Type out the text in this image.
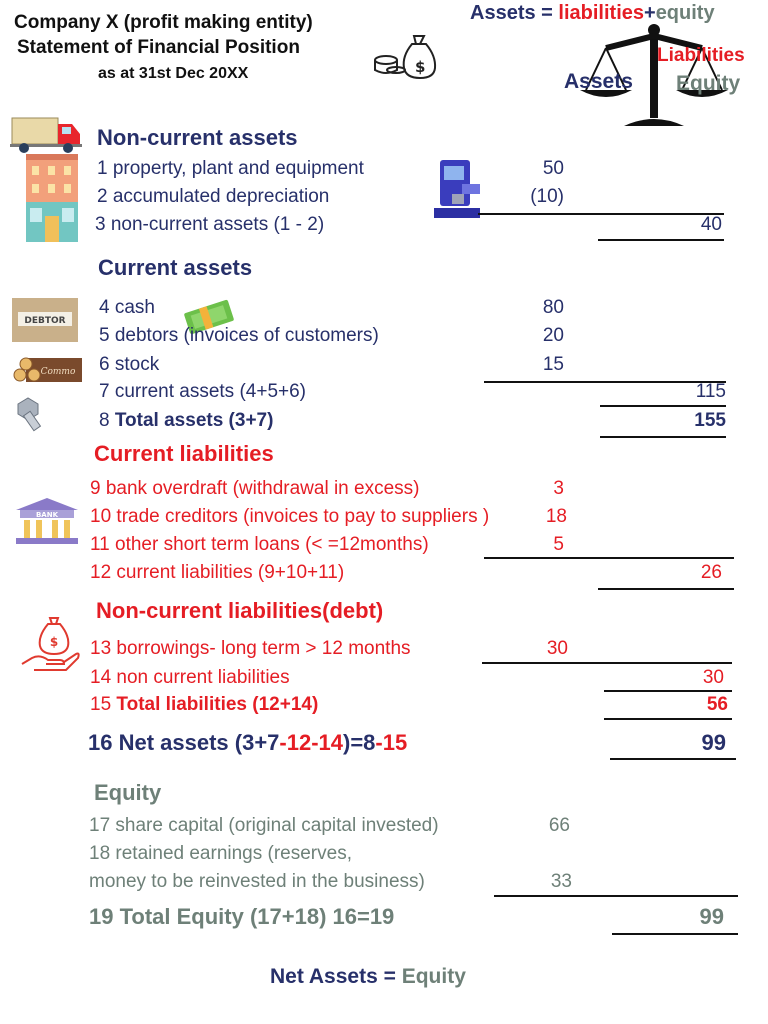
Company X (profit making entity)
Statement of Financial Position
as at 31st Dec 20XX	$
Assets = liabilities+equity
Liabilities
Assets Equity
Non-current assets
1 property, plant and equipment	50
2 accumulated depreciation	(10)
3 non-current assets (1 - 2)	40
Current assets
DEBTOR
Commo
4 cash	80
5 debtors (invoices of customers)	20
6 stock	15
7 current assets (4+5+6)	115
8 Total assets (3+7)	155
Current liabilities
BANK
9 bank overdraft (withdrawal in excess)	3
10 trade creditors (invoices to pay to suppliers )	18
11 other short term loans (< =12months)	5
12 current liabilities (9+10+11)	26
Non-current liabilities(debt)
$ 13 borrowings- long term > 12 months	30
14 non current liabilities	30
15 Total liabilities (12+14)	56
16 Net assets (3+7-12-14)=8-15	99
Equity
17 share capital (original capital invested)	66
18 retained earnings (reserves,
money to be reinvested in the business)	33
19 Total Equity (17+18) 16=19	99
Net Assets = Equity
